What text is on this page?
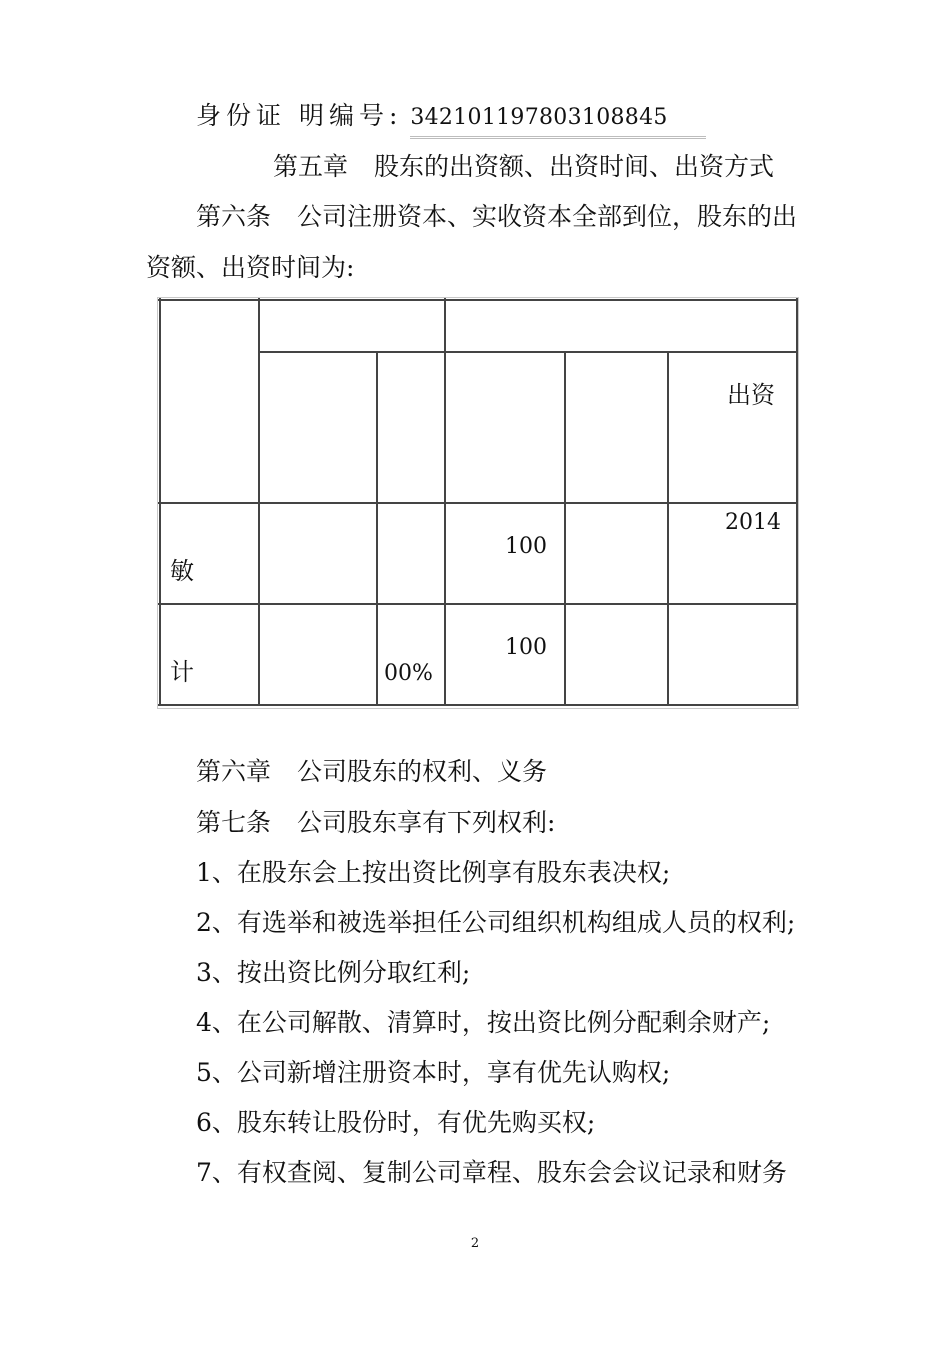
身份证 明编号: 342101197803108845
第五章 股东的出资额、出资时间、出资方式
第六条 公司注册资本、实收资本全部到位，股东的出
资额、出资时间为:
出资
2014
100
敏
100
计	00%
第六章 公司股东的权利、义务
第七条 公司股东享有下列权利:
1、在股东会上按出资比例享有股东表决权;
2、有选举和被选举担任公司组织机构组成人员的权利;
3、按出资比例分取红利;
4、在公司解散、清算时，按出资比例分配剩余财产;
5、公司新增注册资本时，享有优先认购权;
6、股东转让股份时，有优先购买权;
7、有权查阅、复制公司章程、股东会会议记录和财务
2
